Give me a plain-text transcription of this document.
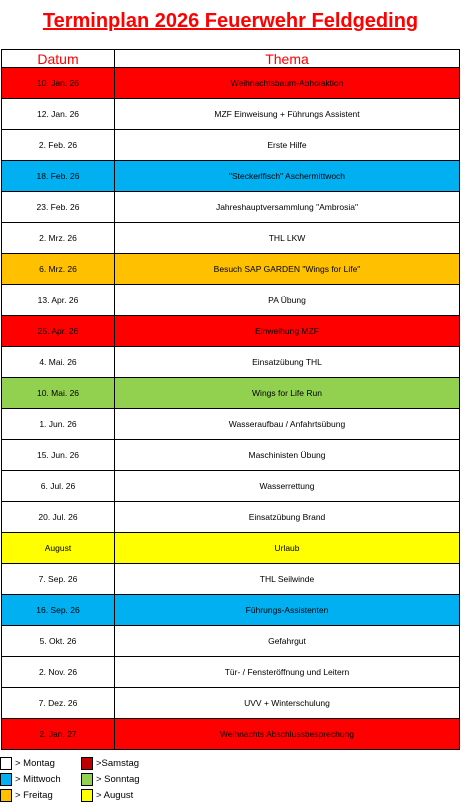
Terminplan 2026 Feuerwehr Feldgeding
Datum	Thema
10. Jan. 26	Weihnachtsbaum-Abholaktion
12. Jan. 26	MZF Einweisung + Führungs Assistent
2. Feb. 26	Erste Hilfe
18. Feb. 26	"Steckerlfisch" Aschermittwoch
23. Feb. 26	Jahreshauptversammlung "Ambrosia"
2. Mrz. 26	THL LKW
6. Mrz. 26	Besuch SAP GARDEN "Wings for Life"
13. Apr. 26	PA Übung
25. Apr. 26	Einweihung MZF
4. Mai. 26	Einsatzübung THL
10. Mai. 26	Wings for Life Run
1. Jun. 26	Wasseraufbau / Anfahrtsübung
15. Jun. 26	Maschinisten Übung
6. Jul. 26	Wasserrettung
20. Jul. 26	Einsatzübung Brand
August	Urlaub
7. Sep. 26	THL Seilwinde
16. Sep. 26	Führungs-Assistenten
5. Okt. 26	Gefahrgut
2. Nov. 26	Tür- / Fensteröffnung und Leitern
7. Dez. 26	UVV + Winterschulung
2. Jan. 27	Weihnachts Abschlussbesprechung
> Montag
> Mittwoch
> Freitag
>Samstag
> Sonntag
> August
